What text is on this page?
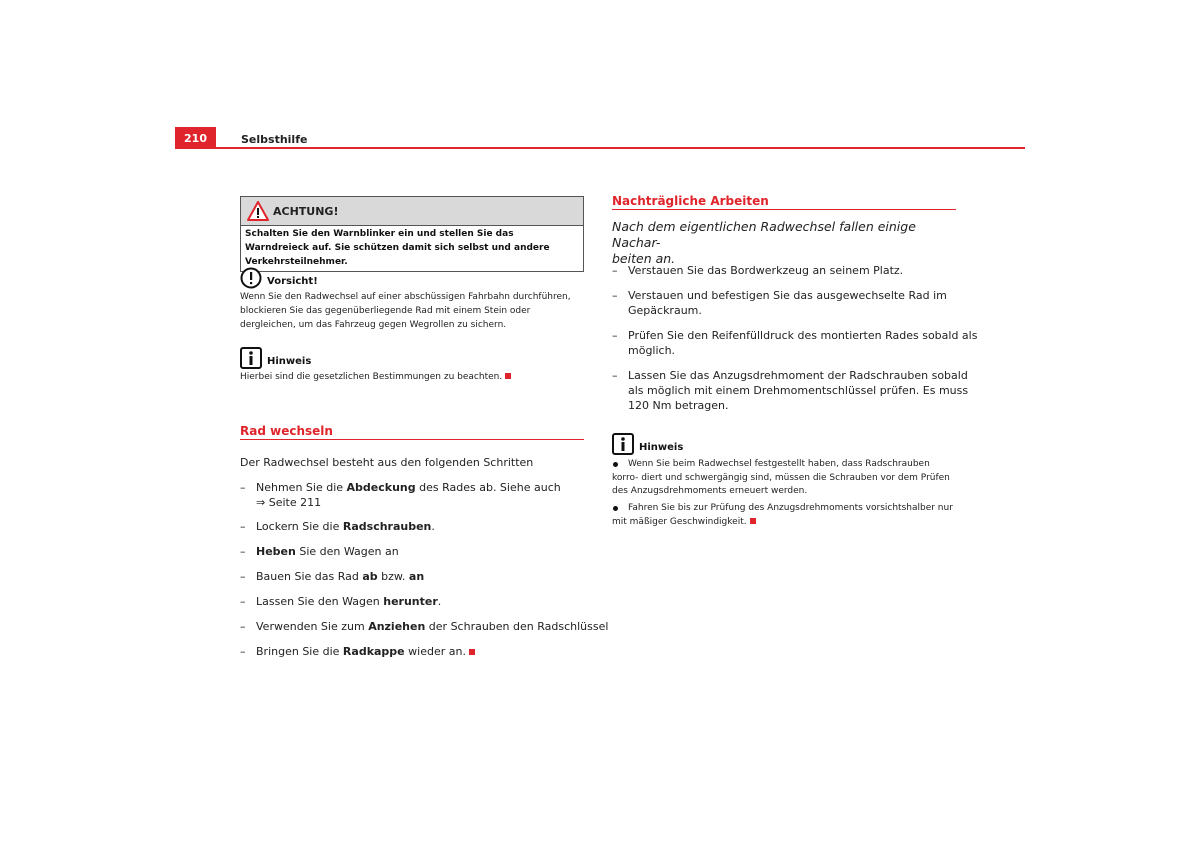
210	Selbsthilfe
ACHTUNG!
Schalten Sie den Warnblinker ein und stellen Sie das Warndreieck auf. Sie schützen damit sich selbst und andere Verkehrsteilnehmer.
Vorsicht!
Wenn Sie den Radwechsel auf einer abschüssigen Fahrbahn durchführen, blockieren Sie das gegenüberliegende Rad mit einem Stein oder dergleichen, um das Fahrzeug gegen Wegrollen zu sichern.
Hinweis
Hierbei sind die gesetzlichen Bestimmungen zu beachten.
Rad wechseln
Der Radwechsel besteht aus den folgenden Schritten
– Nehmen Sie die Abdeckung des Rades ab. Siehe auch
⇒ Seite 211
– Lockern Sie die Radschrauben.
– Heben Sie den Wagen an
– Bauen Sie das Rad ab bzw. an
– Lassen Sie den Wagen herunter.
– Verwenden Sie zum Anziehen der Schrauben den Radschlüssel
– Bringen Sie die Radkappe wieder an.
Nachträgliche Arbeiten
Nach dem eigentlichen Radwechsel fallen einige Nachar-
beiten an.
– Verstauen Sie das Bordwerkzeug an seinem Platz.
– Verstauen und befestigen Sie das ausgewechselte Rad im
Gepäckraum.
– Prüfen Sie den Reifenfülldruck des montierten Rades sobald als
möglich.
– Lassen Sie das Anzugsdrehmoment der Radschrauben sobald
als möglich mit einem Drehmomentschlüssel prüfen. Es muss
120 Nm betragen.
Hinweis
Wenn Sie beim Radwechsel festgestellt haben, dass Radschrauben korro- diert und schwergängig sind, müssen die Schrauben vor dem Prüfen des Anzugsdrehmoments erneuert werden.
Fahren Sie bis zur Prüfung des Anzugsdrehmoments vorsichtshalber nur mit mäßiger Geschwindigkeit.
